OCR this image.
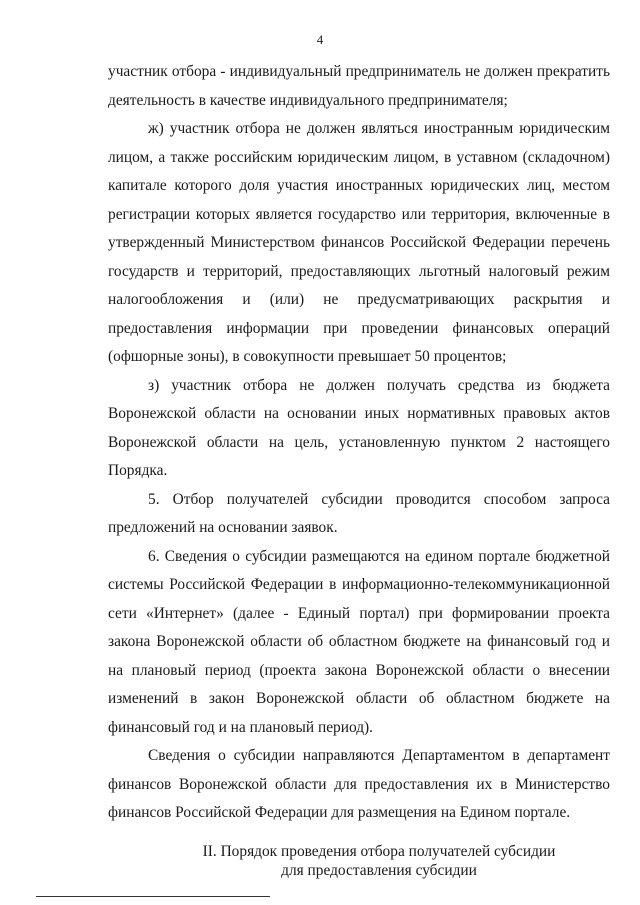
4

участник отбора - индивидуальный предприниматель не должен прекратить деятельность в качестве индивидуального предпринимателя;

ж) участник отбора не должен являться иностранным юридическим лицом, а также российским юридическим лицом, в уставном (складочном) капитале которого доля участия иностранных юридических лиц, местом регистрации которых является государство или территория, включенные в утвержденный Министерством финансов Российской Федерации перечень государств и территорий, предоставляющих льготный налоговый режим налогообложения и (или) не предусматривающих раскрытия и предоставления информации при проведении финансовых операций (офшорные зоны), в совокупности превышает 50 процентов;

з) участник отбора не должен получать средства из бюджета Воронежской области на основании иных нормативных правовых актов Воронежской области на цель, установленную пунктом 2 настоящего Порядка.

5. Отбор получателей субсидии проводится способом запроса предложений на основании заявок.

6. Сведения о субсидии размещаются на едином портале бюджетной системы Российской Федерации в информационно-телекоммуникационной сети «Интернет» (далее - Единый портал) при формировании проекта закона Воронежской области об областном бюджете на финансовый год и на плановый период (проекта закона Воронежской области о внесении изменений в закон Воронежской области об областном бюджете на финансовый год и на плановый период).

Сведения о субсидии направляются Департаментом в департамент финансов Воронежской области для предоставления их в Министерство финансов Российской Федерации для размещения на Едином портале.

II. Порядок проведения отбора получателей субсидии
для предоставления субсидии
